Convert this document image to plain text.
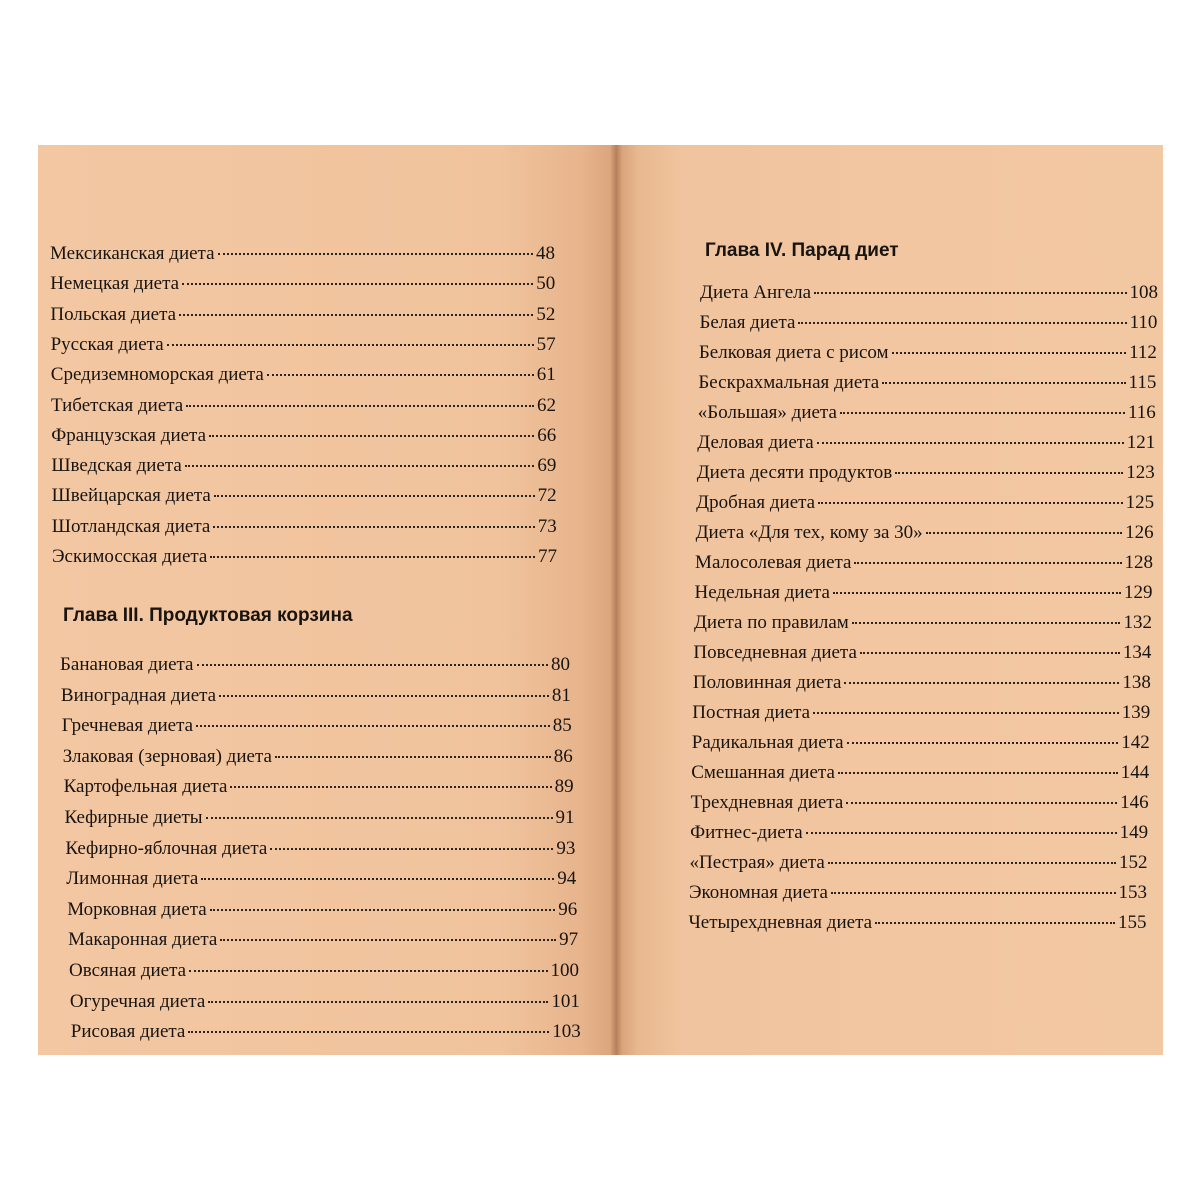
Глава III. Продуктовая корзина
Мексиканская диета	48
Немецкая диета	50
Польская диета	52
Русская диета	57
Средиземноморская диета	61
Тибетская диета	62
Французская диета	66
Шведская диета	69
Швейцарская диета	72
Шотландская диета	73
Эскимосская диета	77
Банановая диета	80
Виноградная диета	81
Гречневая диета	85
Злаковая (зерновая) диета	86
Картофельная диета	89
Кефирные диеты	91
Кефирно-яблочная диета	93
Лимонная диета	94
Морковная диета	96
Макаронная диета	97
Овсяная диета	100
Огуречная диета	101
Рисовая диета	103
Глава IV. Парад диет
Диета Ангела	108
Белая диета	110
Белковая диета с рисом	112
Бескрахмальная диета	115
«Большая» диета	116
Деловая диета	121
Диета десяти продуктов	123
Дробная диета	125
Диета «Для тех, кому за 30»	126
Малосолевая диета	128
Недельная диета	129
Диета по правилам	132
Повседневная диета	134
Половинная диета	138
Постная диета	139
Радикальная диета	142
Смешанная диета	144
Трехдневная диета	146
Фитнес-диета	149
«Пестрая» диета	152
Экономная диета	153
Четырехдневная диета	155
